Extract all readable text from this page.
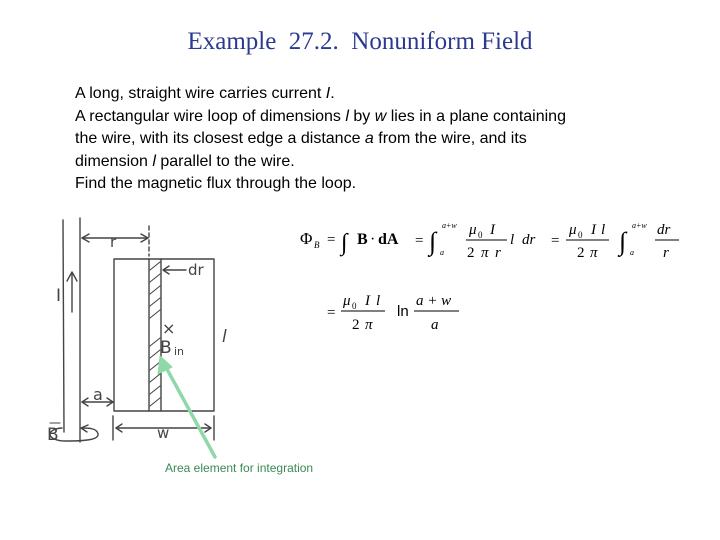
Example  27.2.  Nonuniform Field

A long, straight wire carries current I.

A rectangular wire loop of dimensions l by w lies in a plane containing

the wire, with its closest edge a distance a from the wire, and its

dimension l parallel to the wire.

Find the magnetic flux through the loop.

Φ B = ∫ B · dA = ∫
a+w
a
μ 0 I
2 π r
l dr =
μ 0 I l
2 π ∫
a+w
a
dr
r
=
μ 0 I l
2 π
ln
a + w
a
r
dr
I
×
B in
l
a
w
B
Area element for integration
